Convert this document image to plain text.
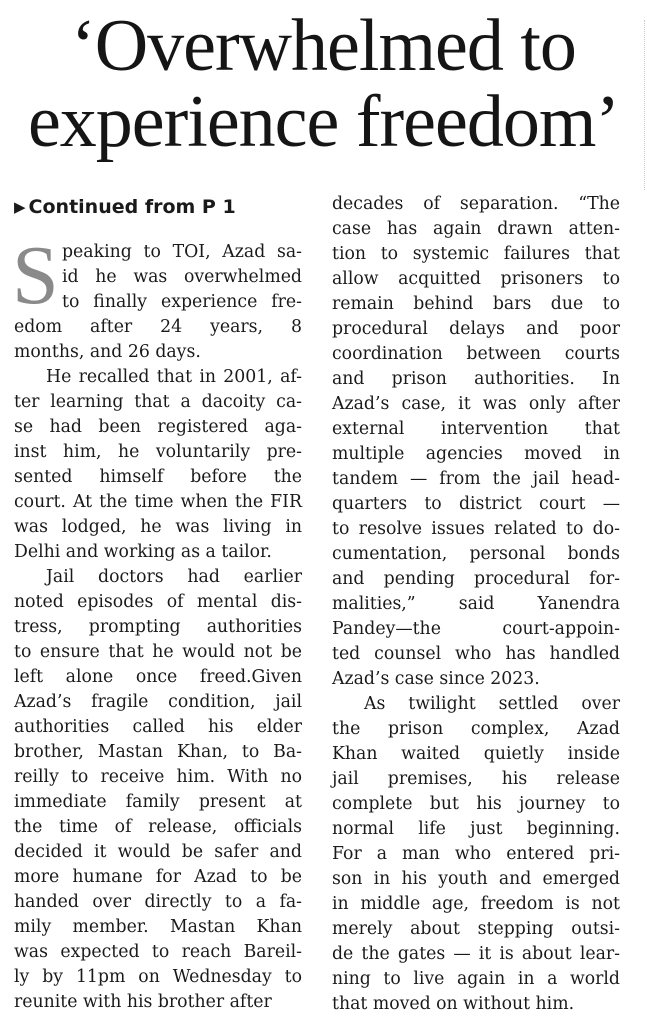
‘Overwhelmed to
experience freedom’
▶ Continued from P 1
S peaking to TOI, Azad sa-
id he was overwhelmed
to finally experience fre-
edom after 24 years, 8
months, and 26 days.
He recalled that in 2001, af-
ter learning that a dacoity ca-
se had been registered aga-
inst him, he voluntarily pre-
sented himself before the
court. At the time when the FIR
was lodged, he was living in
Delhi and working as a tailor.
Jail doctors had earlier
noted episodes of mental dis-
tress, prompting authorities
to ensure that he would not be
left alone once freed.Given
Azad’s fragile condition, jail
authorities called his elder
brother, Mastan Khan, to Ba-
reilly to receive him. With no
immediate family present at
the time of release, officials
decided it would be safer and
more humane for Azad to be
handed over directly to a fa-
mily member. Mastan Khan
was expected to reach Bareil-
ly by 11pm on Wednesday to
reunite with his brother after
decades of separation. “The
case has again drawn atten-
tion to systemic failures that
allow acquitted prisoners to
remain behind bars due to
procedural delays and poor
coordination between courts
and prison authorities. In
Azad’s case, it was only after
external intervention that
multiple agencies moved in
tandem — from the jail head-
quarters to district court —
to resolve issues related to do-
cumentation, personal bonds
and pending procedural for-
malities,” said Yanendra
Pandey—the court-appoin-
ted counsel who has handled
Azad’s case since 2023.
As twilight settled over
the prison complex, Azad
Khan waited quietly inside
jail premises, his release
complete but his journey to
normal life just beginning.
For a man who entered pri-
son in his youth and emerged
in middle age, freedom is not
merely about stepping outsi-
de the gates — it is about lear-
ning to live again in a world
that moved on without him.
